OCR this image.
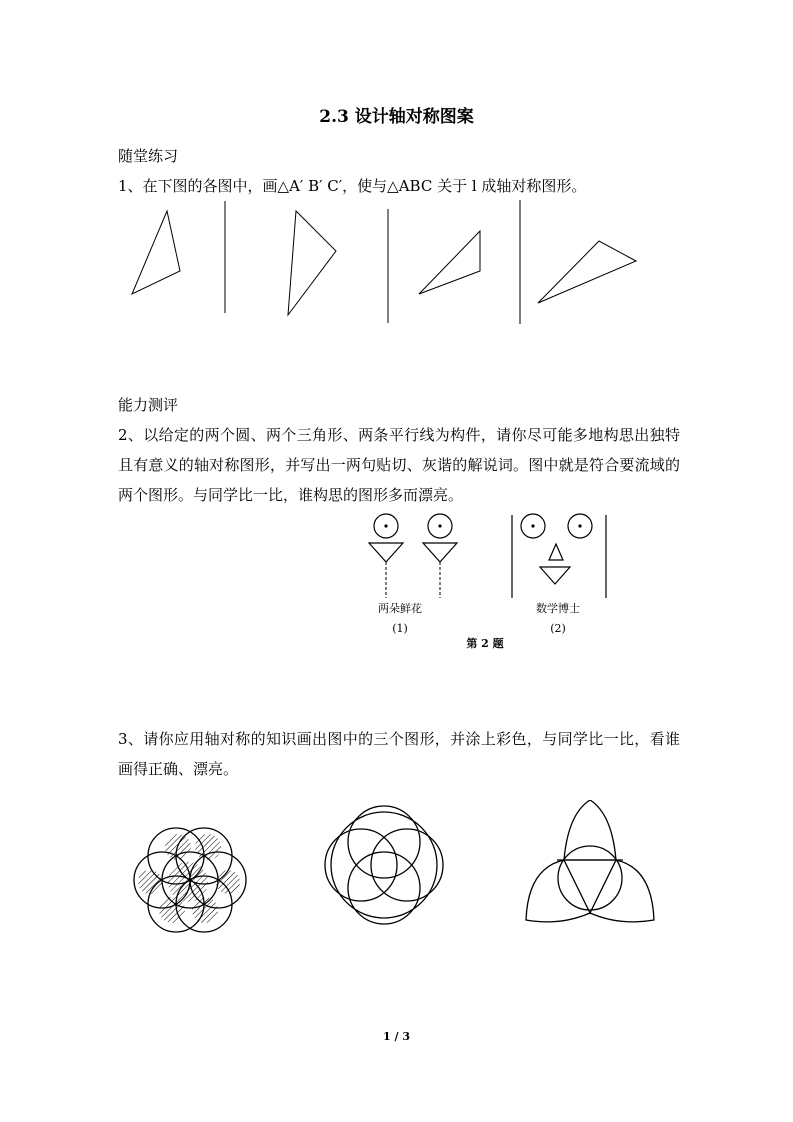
2.3 设计轴对称图案
随堂练习
1、在下图的各图中，画△A′ B′ C′，使与△ABC 关于 l 成轴对称图形。
能力测评
2、以给定的两个圆、两个三角形、两条平行线为构件，请你尽可能多地构思出独特且有意义的轴对称图形，并写出一两句贴切、灰谐的解说词。图中就是符合要流域的两个图形。与同学比一比，谁构思的图形多而漂亮。
两朵鲜花
(1)
数学博士
(2)
第 2 题
3、请你应用轴对称的知识画出图中的三个图形，并涂上彩色，与同学比一比，看谁画得正确、漂亮。
1 / 3
